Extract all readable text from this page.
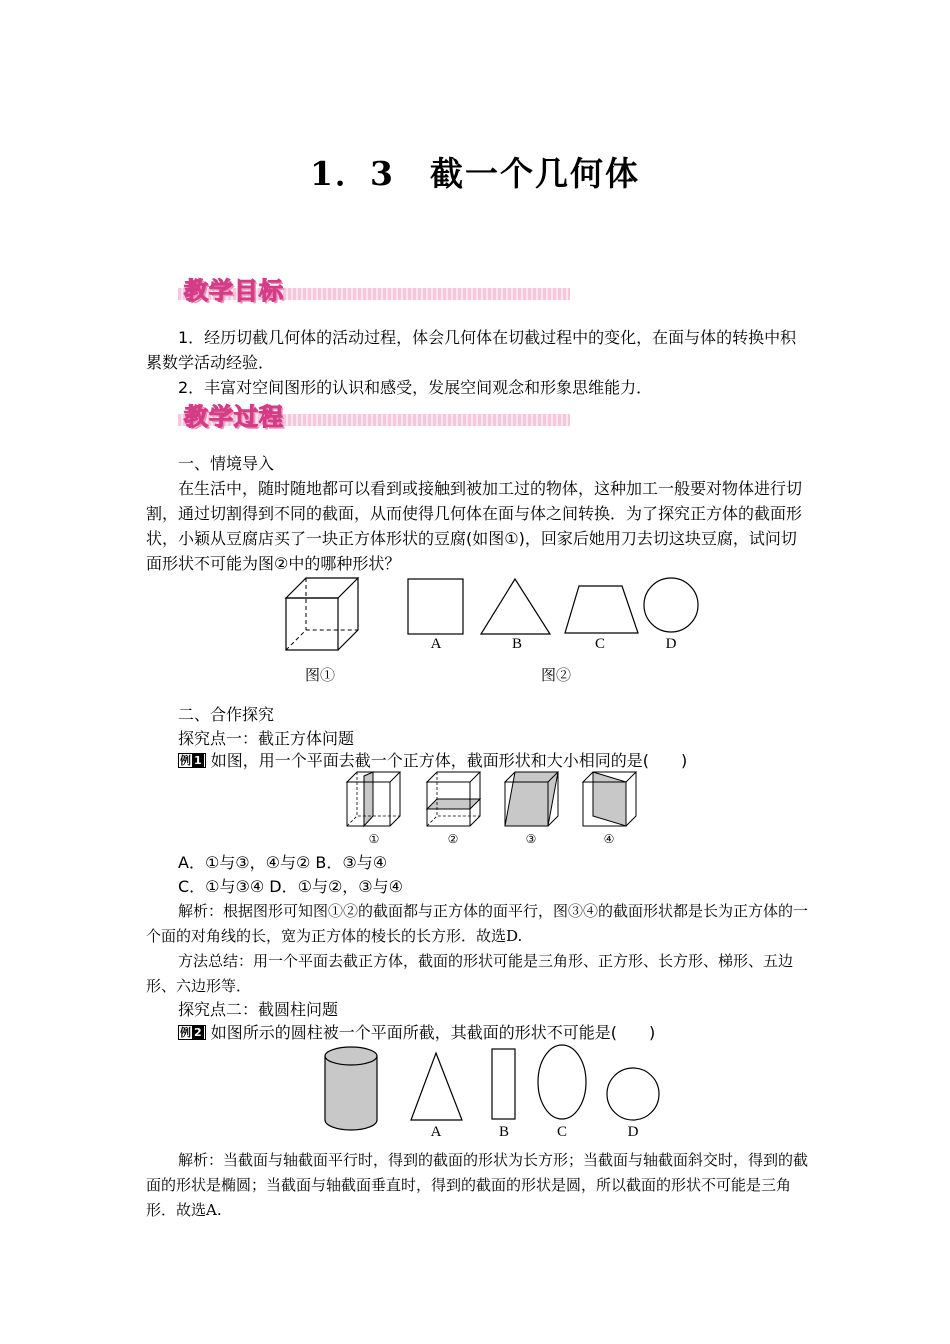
1．3　截一个几何体
教学目标
1．经历切截几何体的活动过程，体会几何体在切截过程中的变化，在面与体的转换中积累数学活动经验．
2．丰富对空间图形的认识和感受，发展空间观念和形象思维能力．
教学过程
一、情境导入
在生活中，随时随地都可以看到或接触到被加工过的物体，这种加工一般要对物体进行切割，通过切割得到不同的截面，从而使得几何体在面与体之间转换．为了探究正方体的截面形状，小颖从豆腐店买了一块正方体形状的豆腐(如图①)，回家后她用刀去切这块豆腐，试问切面形状不可能为图②中的哪种形状？
图①
A	B	C	D
图②
二、合作探究
探究点一：截正方体问题
例 1 如图，用一个平面去截一个正方体，截面形状和大小相同的是(　　)
①	②	③	④
A．①与③，④与② B．③与④
C．①与③④ D．①与②，③与④
解析：根据图形可知图①②的截面都与正方体的面平行，图③④的截面形状都是长为正方体的一个面的对角线的长，宽为正方体的棱长的长方形．故选D.
方法总结：用一个平面去截正方体，截面的形状可能是三角形、正方形、长方形、梯形、五边形、六边形等．
探究点二：截圆柱问题
例 2 如图所示的圆柱被一个平面所截，其截面的形状不可能是(　　)
A	B	C	D
解析：当截面与轴截面平行时，得到的截面的形状为长方形；当截面与轴截面斜交时，得到的截面的形状是椭圆；当截面与轴截面垂直时，得到的截面的形状是圆，所以截面的形状不可能是三角形．故选A.
